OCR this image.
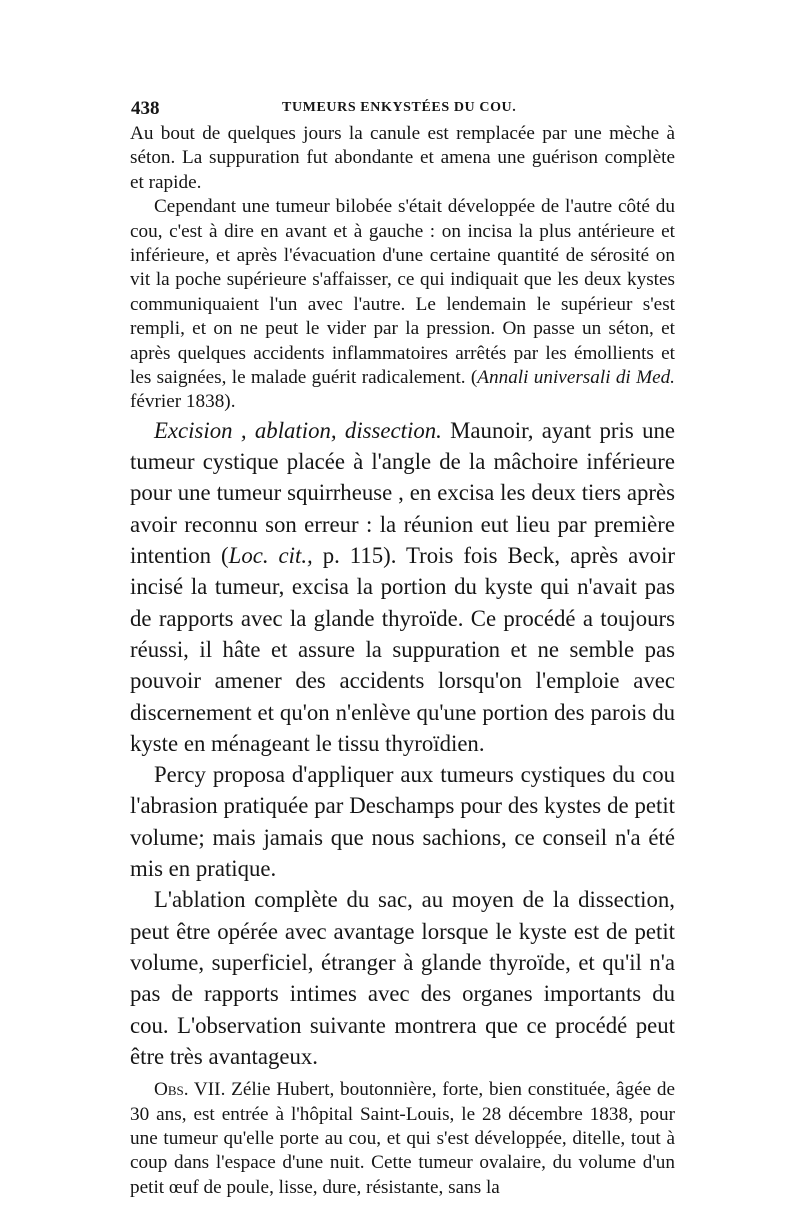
438	TUMEURS ENKYSTÉES DU COU.

Au bout de quelques jours la canule est remplacée par une mèche à séton. La suppuration fut abondante et amena une guérison complète et rapide.

Cependant une tumeur bilobée s'était développée de l'autre côté du cou, c'est à dire en avant et à gauche : on incisa la plus antérieure et inférieure, et après l'évacuation d'une certaine quantité de sérosité on vit la poche supérieure s'affaisser, ce qui indiquait que les deux kystes communiquaient l'un avec l'autre. Le lendemain le supérieur s'est rempli, et on ne peut le vider par la pression. On passe un séton, et après quelques accidents inflammatoires arrêtés par les émollients et les saignées, le malade guérit radicalement. (Annali universali di Med. février 1838).

Excision , ablation, dissection. Maunoir, ayant pris une tumeur cystique placée à l'angle de la mâchoire inférieure pour une tumeur squirrheuse , en excisa les deux tiers après avoir reconnu son erreur : la réunion eut lieu par première intention (Loc. cit., p. 115). Trois fois Beck, après avoir incisé la tumeur, excisa la portion du kyste qui n'avait pas de rapports avec la glande thyroïde. Ce procédé a toujours réussi, il hâte et assure la suppuration et ne semble pas pouvoir amener des accidents lorsqu'on l'emploie avec discernement et qu'on n'enlève qu'une portion des parois du kyste en ménageant le tissu thyroïdien.

Percy proposa d'appliquer aux tumeurs cystiques du cou l'abrasion pratiquée par Deschamps pour des kystes de petit volume; mais jamais que nous sachions, ce conseil n'a été mis en pratique.

L'ablation complète du sac, au moyen de la dissection, peut être opérée avec avantage lorsque le kyste est de petit volume, superficiel, étranger à glande thyroïde, et qu'il n'a pas de rapports intimes avec des organes importants du cou. L'observation suivante montrera que ce procédé peut être très avantageux.

Obs. VII. Zélie Hubert, boutonnière, forte, bien constituée, âgée de 30 ans, est entrée à l'hôpital Saint-Louis, le 28 décembre 1838, pour une tumeur qu'elle porte au cou, et qui s'est développée, ditelle, tout à coup dans l'espace d'une nuit. Cette tumeur ovalaire, du volume d'un petit œuf de poule, lisse, dure, résistante, sans la
